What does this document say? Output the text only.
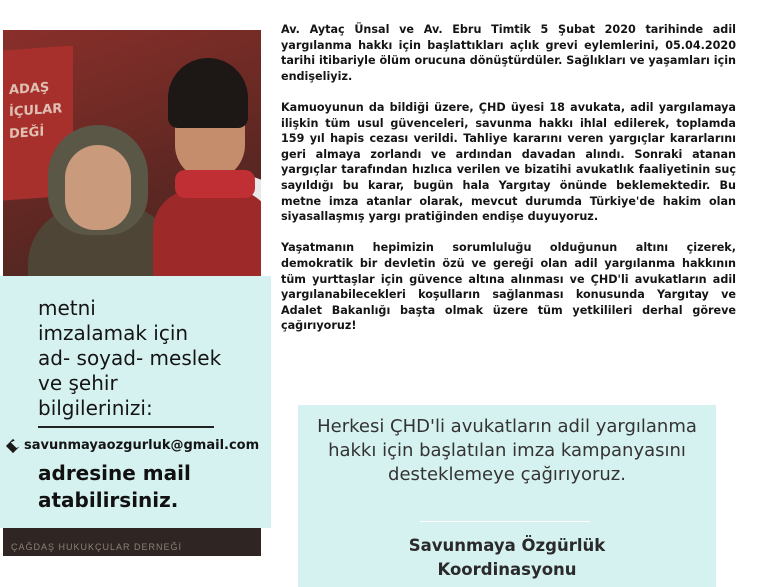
ADAŞ
İÇULAR
DEĞİ
ÇAĞDAŞ HUKUKÇULAR DERNEĞİ
metni
imzalamak için
ad- soyad- meslek
ve şehir
bilgilerinizi:
savunmayaozgurluk@gmail.com
adresine mail
atabilirsiniz.

Av. Aytaç Ünsal ve Av. Ebru Timtik 5 Şubat 2020 tarihinde adil yargılanma hakkı için başlattıkları açlık grevi eylemlerini, 05.04.2020 tarihi itibariyle ölüm orucuna dönüştürdüler. Sağlıkları ve yaşamları için endişeliyiz.

Kamuoyunun da bildiği üzere, ÇHD üyesi 18 avukata, adil yargılamaya ilişkin tüm usul güvenceleri, savunma hakkı ihlal edilerek, toplamda 159 yıl hapis cezası verildi. Tahliye kararını veren yargıçlar kararlarını geri almaya zorlandı ve ardından davadan alındı. Sonraki atanan yargıçlar tarafından hızlıca verilen ve bizatihi avukatlık faaliyetinin suç sayıldığı bu karar, bugün hala Yargıtay önünde beklemektedir. Bu metne imza atanlar olarak, mevcut durumda Türkiye'de hakim olan siyasallaşmış yargı pratiğinden endişe duyuyoruz.

Yaşatmanın hepimizin sorumluluğu olduğunun altını çizerek, demokratik bir devletin özü ve gereği olan adil yargılanma hakkının tüm yurttaşlar için güvence altına alınması ve ÇHD'li avukatların adil yargılanabilecekleri koşulların sağlanması konusunda Yargıtay ve Adalet Bakanlığı başta olmak üzere tüm yetkilileri derhal göreve çağırıyoruz!

Herkesi ÇHD'li avukatların adil yargılanma hakkı için başlatılan imza kampanyasını desteklemeye çağırıyoruz.
Savunmaya Özgürlük
Koordinasyonu
